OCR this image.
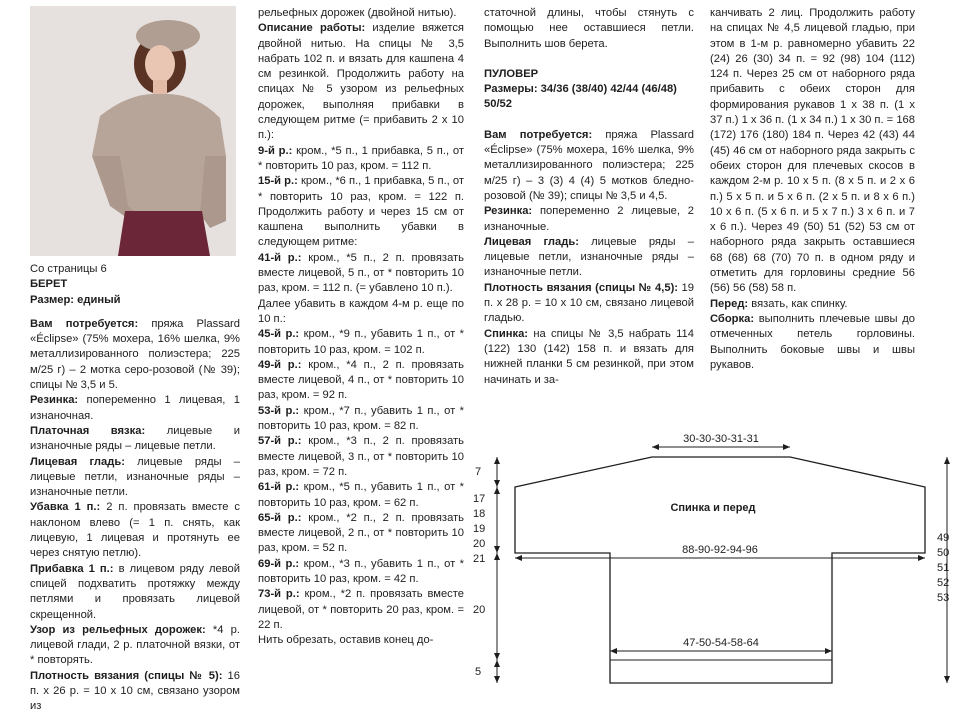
Со страницы 6

БЕРЕТ

Размер: единый

Вам потребуется: пряжа Plassard «Éclipse» (75% мохера, 16% шелка, 9% металлизированного полиэстера; 225 м/25 г) – 2 мотка серо-розовой (№ 39); спицы № 3,5 и 5.

Резинка: попеременно 1 лицевая, 1 изнаночная.

Платочная вязка: лицевые и изнаночные ряды – лицевые петли.

Лицевая гладь: лицевые ряды – лицевые петли, изнаночные ряды – изнаночные петли.

Убавка 1 п.: 2 п. провязать вместе с наклоном влево (= 1 п. снять, как лицевую, 1 лицевая и протянуть ее через снятую петлю).

Прибавка 1 п.: в лицевом ряду левой спицей подхватить протяжку между петлями и провязать лицевой скрещенной.

Узор из рельефных дорожек: *4 р. лицевой глади, 2 р. платочной вязки, от * повторять.

Плотность вязания (спицы № 5): 16 п. х 26 р. = 10 х 10 см, связано узором из

рельефных дорожек (двойной нитью).

Описание работы: изделие вяжется двойной нитью. На спицы № 3,5 набрать 102 п. и вязать для кашпена 4 см резинкой. Продолжить работу на спицах № 5 узором из рельефных дорожек, выполняя прибавки в следующем ритме (= прибавить 2 х 10 п.):

9-й р.: кром., *5 п., 1 прибавка, 5 п., от * повторить 10 раз, кром. = 112 п.

15-й р.: кром., *6 п., 1 прибавка, 5 п., от * повторить 10 раз, кром. = 122 п. Продолжить работу и через 15 см от кашпена выполнить убавки в следующем ритме:

41-й р.: кром., *5 п., 2 п. провязать вместе лицевой, 5 п., от * повторить 10 раз, кром. = 112 п. (= убавлено 10 п.).

Далее убавить в каждом 4-м р. еще по 10 п.:

45-й р.: кром., *9 п., убавить 1 п., от * повторить 10 раз, кром. = 102 п.

49-й р.: кром., *4 п., 2 п. провязать вместе лицевой, 4 п., от * повторить 10 раз, кром. = 92 п.

53-й р.: кром., *7 п., убавить 1 п., от * повторить 10 раз, кром. = 82 п.

57-й р.: кром., *3 п., 2 п. провязать вместе лицевой, 3 п., от * повторить 10 раз, кром. = 72 п.

61-й р.: кром., *5 п., убавить 1 п., от * повторить 10 раз, кром. = 62 п.

65-й р.: кром., *2 п., 2 п. провязать вместе лицевой, 2 п., от * повторить 10 раз, кром. = 52 п.

69-й р.: кром., *3 п., убавить 1 п., от * повторить 10 раз, кром. = 42 п.

73-й р.: кром., *2 п. провязать вместе лицевой, от * повторить 20 раз, кром. = 22 п.

Нить обрезать, оставив конец до-

статочной длины, чтобы стянуть с помощью нее оставшиеся петли. Выполнить шов берета.

ПУЛОВЕР

Размеры: 34/36 (38/40) 42/44 (46/48) 50/52

Вам потребуется: пряжа Plassard «Éclipse» (75% мохера, 16% шелка, 9% металлизированного полиэстера; 225 м/25 г) – 3 (3) 4 (4) 5 мотков бледно-розовой (№ 39); спицы № 3,5 и 4,5.

Резинка: попеременно 2 лицевые, 2 изнаночные.

Лицевая гладь: лицевые ряды – лицевые петли, изнаночные ряды – изнаночные петли.

Плотность вязания (спицы № 4,5): 19 п. х 28 р. = 10 х 10 см, связано лицевой гладью.

Спинка: на спицы № 3,5 набрать 114 (122) 130 (142) 158 п. и вязать для нижней планки 5 см резинкой, при этом начинать и за-

канчивать 2 лиц. Продолжить работу на спицах № 4,5 лицевой гладью, при этом в 1-м р. равномерно убавить 22 (24) 26 (30) 34 п. = 92 (98) 104 (112) 124 п. Через 25 см от наборного ряда прибавить с обеих сторон для формирования рукавов 1 х 38 п. (1 х 37 п.) 1 х 36 п. (1 х 34 п.) 1 х 30 п. = 168 (172) 176 (180) 184 п. Через 42 (43) 44 (45) 46 см от наборного ряда закрыть с обеих сторон для плечевых скосов в каждом 2-м р. 10 х 5 п. (8 х 5 п. и 2 х 6 п.) 5 х 5 п. и 5 х 6 п. (2 х 5 п. и 8 х 6 п.) 10 х 6 п. (5 х 6 п. и 5 х 7 п.) 3 х 6 п. и 7 х 6 п.). Через 49 (50) 51 (52) 53 см от наборного ряда закрыть оставшиеся 68 (68) 68 (70) 70 п. в одном ряду и отметить для горловины средние 56 (56) 56 (58) 58 п.

Перед: вязать, как спинку.

Сборка: выполнить плечевые швы до отмеченных петель горловины. Выполнить боковые швы и швы рукавов.

30-30-30-31-31
88-90-92-94-96
47-50-54-58-64
Спинка и перед
7
17
18
19
20
21
20
5
49
50
51
52
53
